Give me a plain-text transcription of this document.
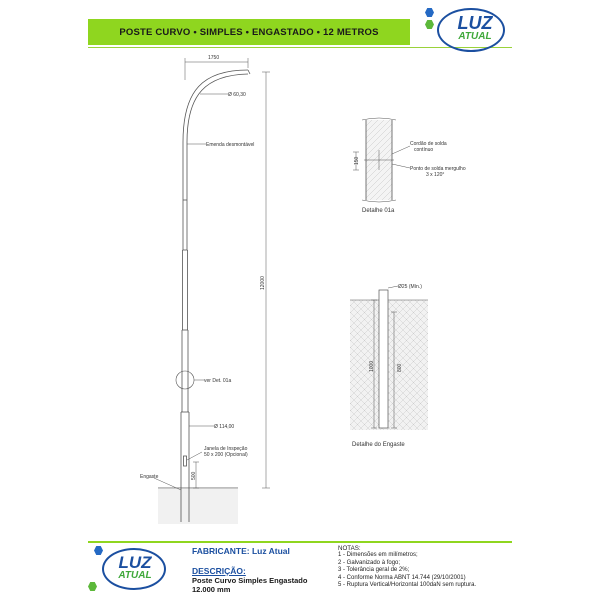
POSTE CURVO • SIMPLES • ENGASTADO • 12 METROS	LUZ
ATUAL
1750
Ø 60,30
Emenda desmontável
12000
ver Det. 01a
Ø 114,00
Janela de Inspeção
50 x 200 (Opcional)
Engaste	500
150
Cordão de solda
contínuo
Ponto de solda mergulho
3 x 120°
Detalhe 01a
Ø25 (Mín.)
1000	800
Detalhe do Engaste
LUZ
ATUAL
FABRICANTE: Luz Atual
DESCRIÇÃO:
Poste Curvo Simples Engastado
12.000 mm
NOTAS:
1 - Dimensões em milímetros;
2 - Galvanizado à fogo;
3 - Tolerância geral de 2%;
4 - Conforme Norma ABNT 14.744 (29/10/2001)
5 - Ruptura Vertical/Horizontal 100daN sem ruptura.
